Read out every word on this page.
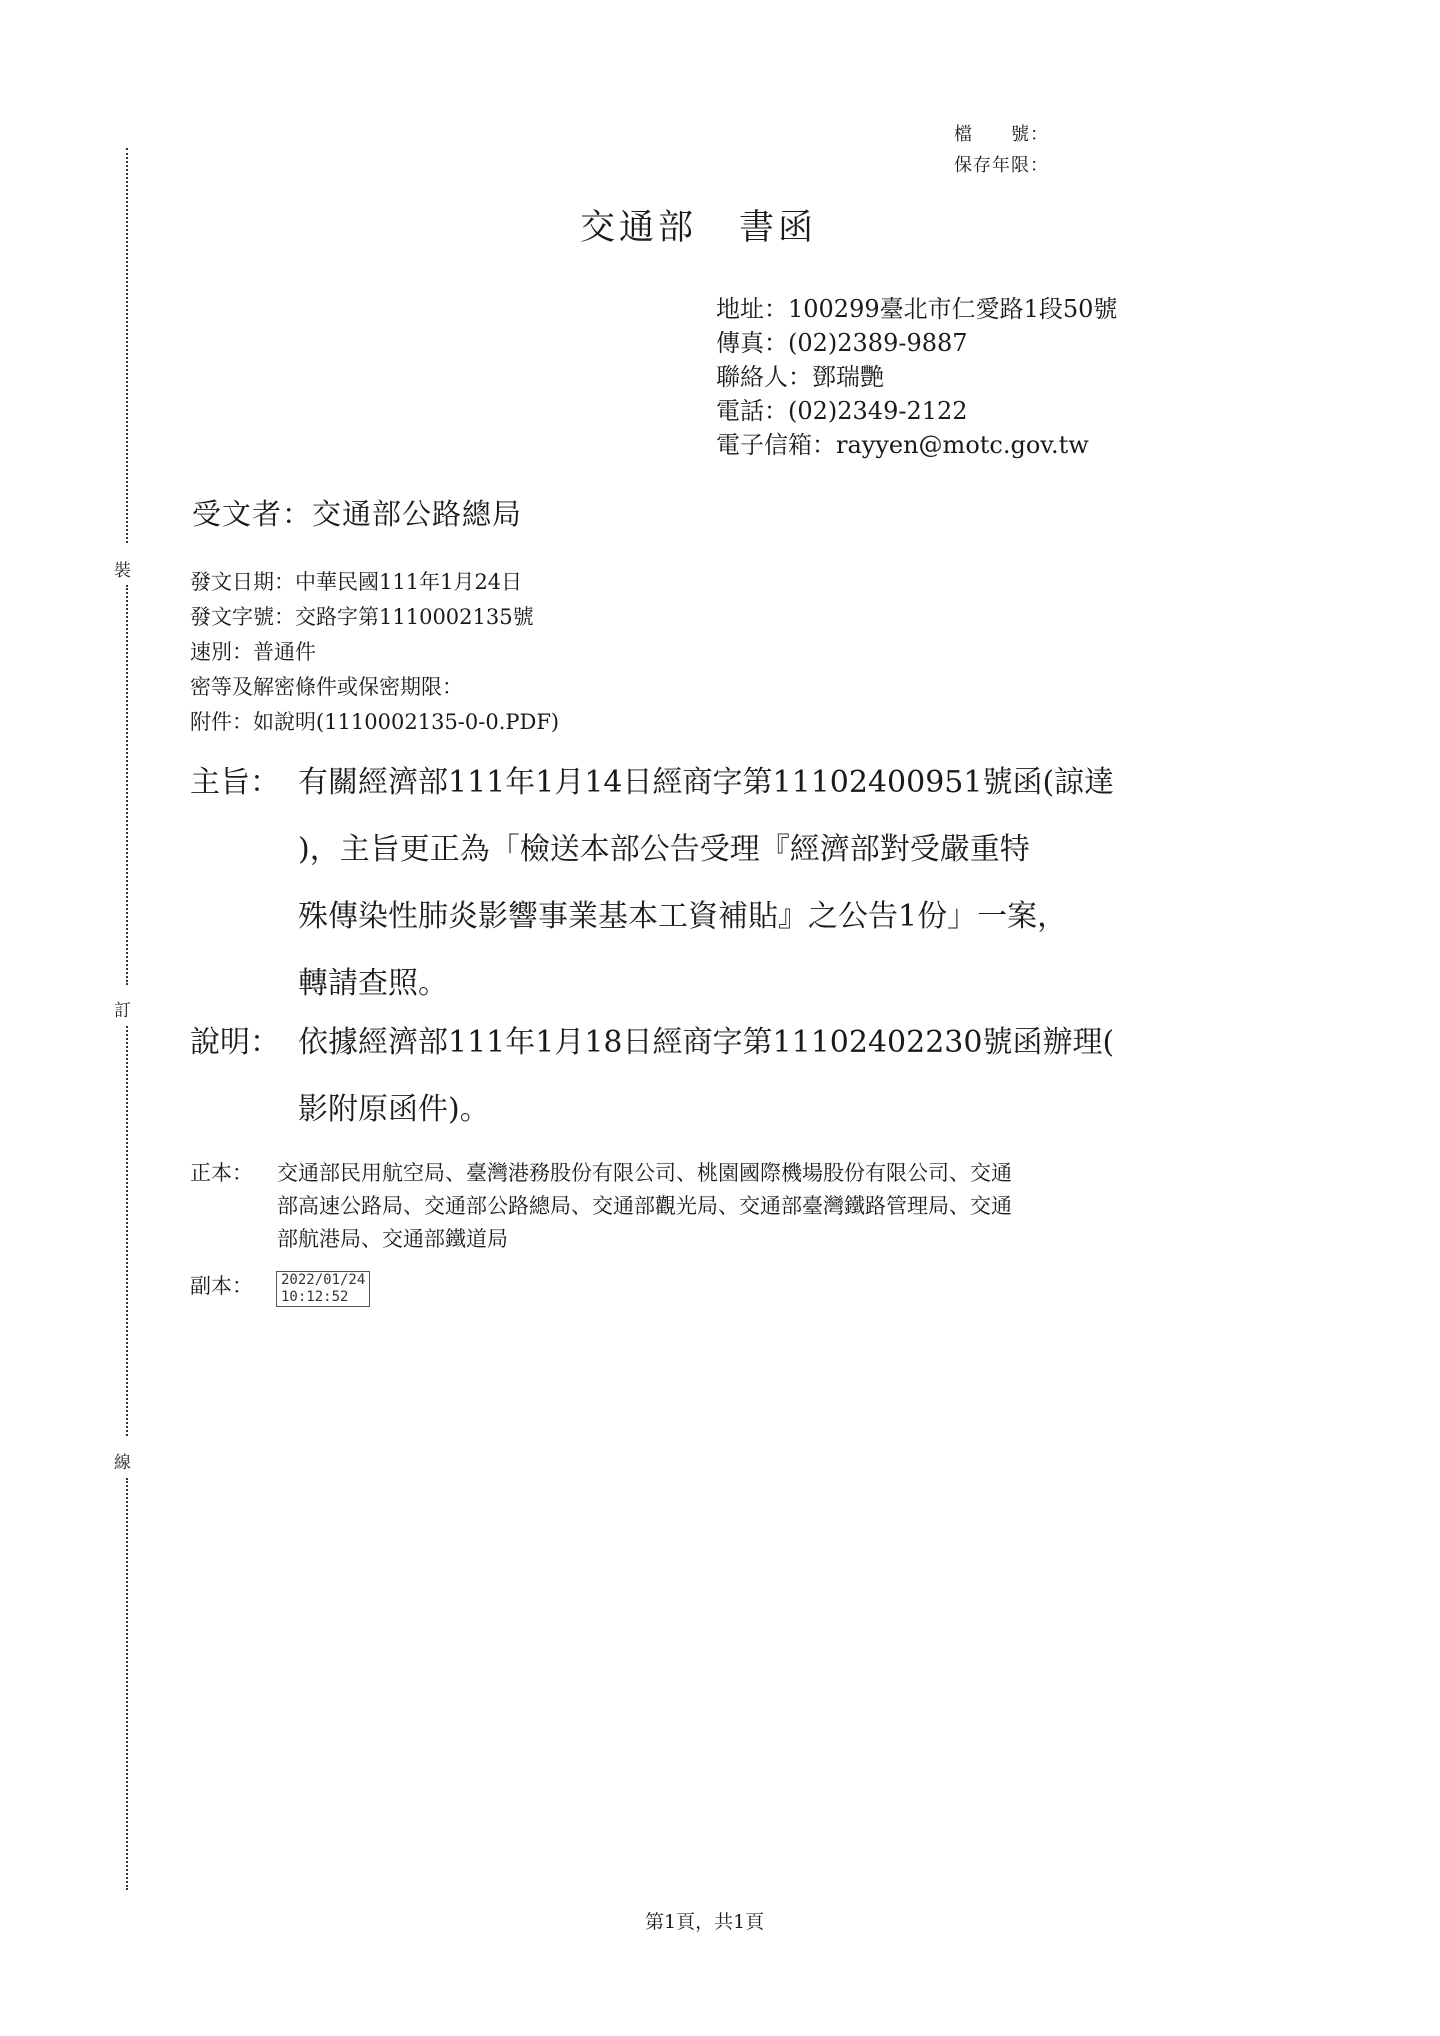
裝
訂
線
檔　　號：
保存年限：
交通部 書函
地址：100299臺北市仁愛路1段50號
傳真：(02)2389-9887
聯絡人：鄧瑞艷
電話：(02)2349-2122
電子信箱：rayyen@motc.gov.tw
受文者：交通部公路總局
發文日期：中華民國111年1月24日
發文字號：交路字第1110002135號
速別：普通件
密等及解密條件或保密期限：
附件：如說明(1110002135-0-0.PDF)
主旨： 有關經濟部111年1月14日經商字第11102400951號函(諒達
)，主旨更正為「檢送本部公告受理『經濟部對受嚴重特
殊傳染性肺炎影響事業基本工資補貼』之公告1份」一案，
轉請查照。
說明： 依據經濟部111年1月18日經商字第11102402230號函辦理(
影附原函件)。
正本： 交通部民用航空局、臺灣港務股份有限公司、桃園國際機場股份有限公司、交通
部高速公路局、交通部公路總局、交通部觀光局、交通部臺灣鐵路管理局、交通
部航港局、交通部鐵道局
副本： 2022/01/24
10:12:52
第1頁，共1頁
